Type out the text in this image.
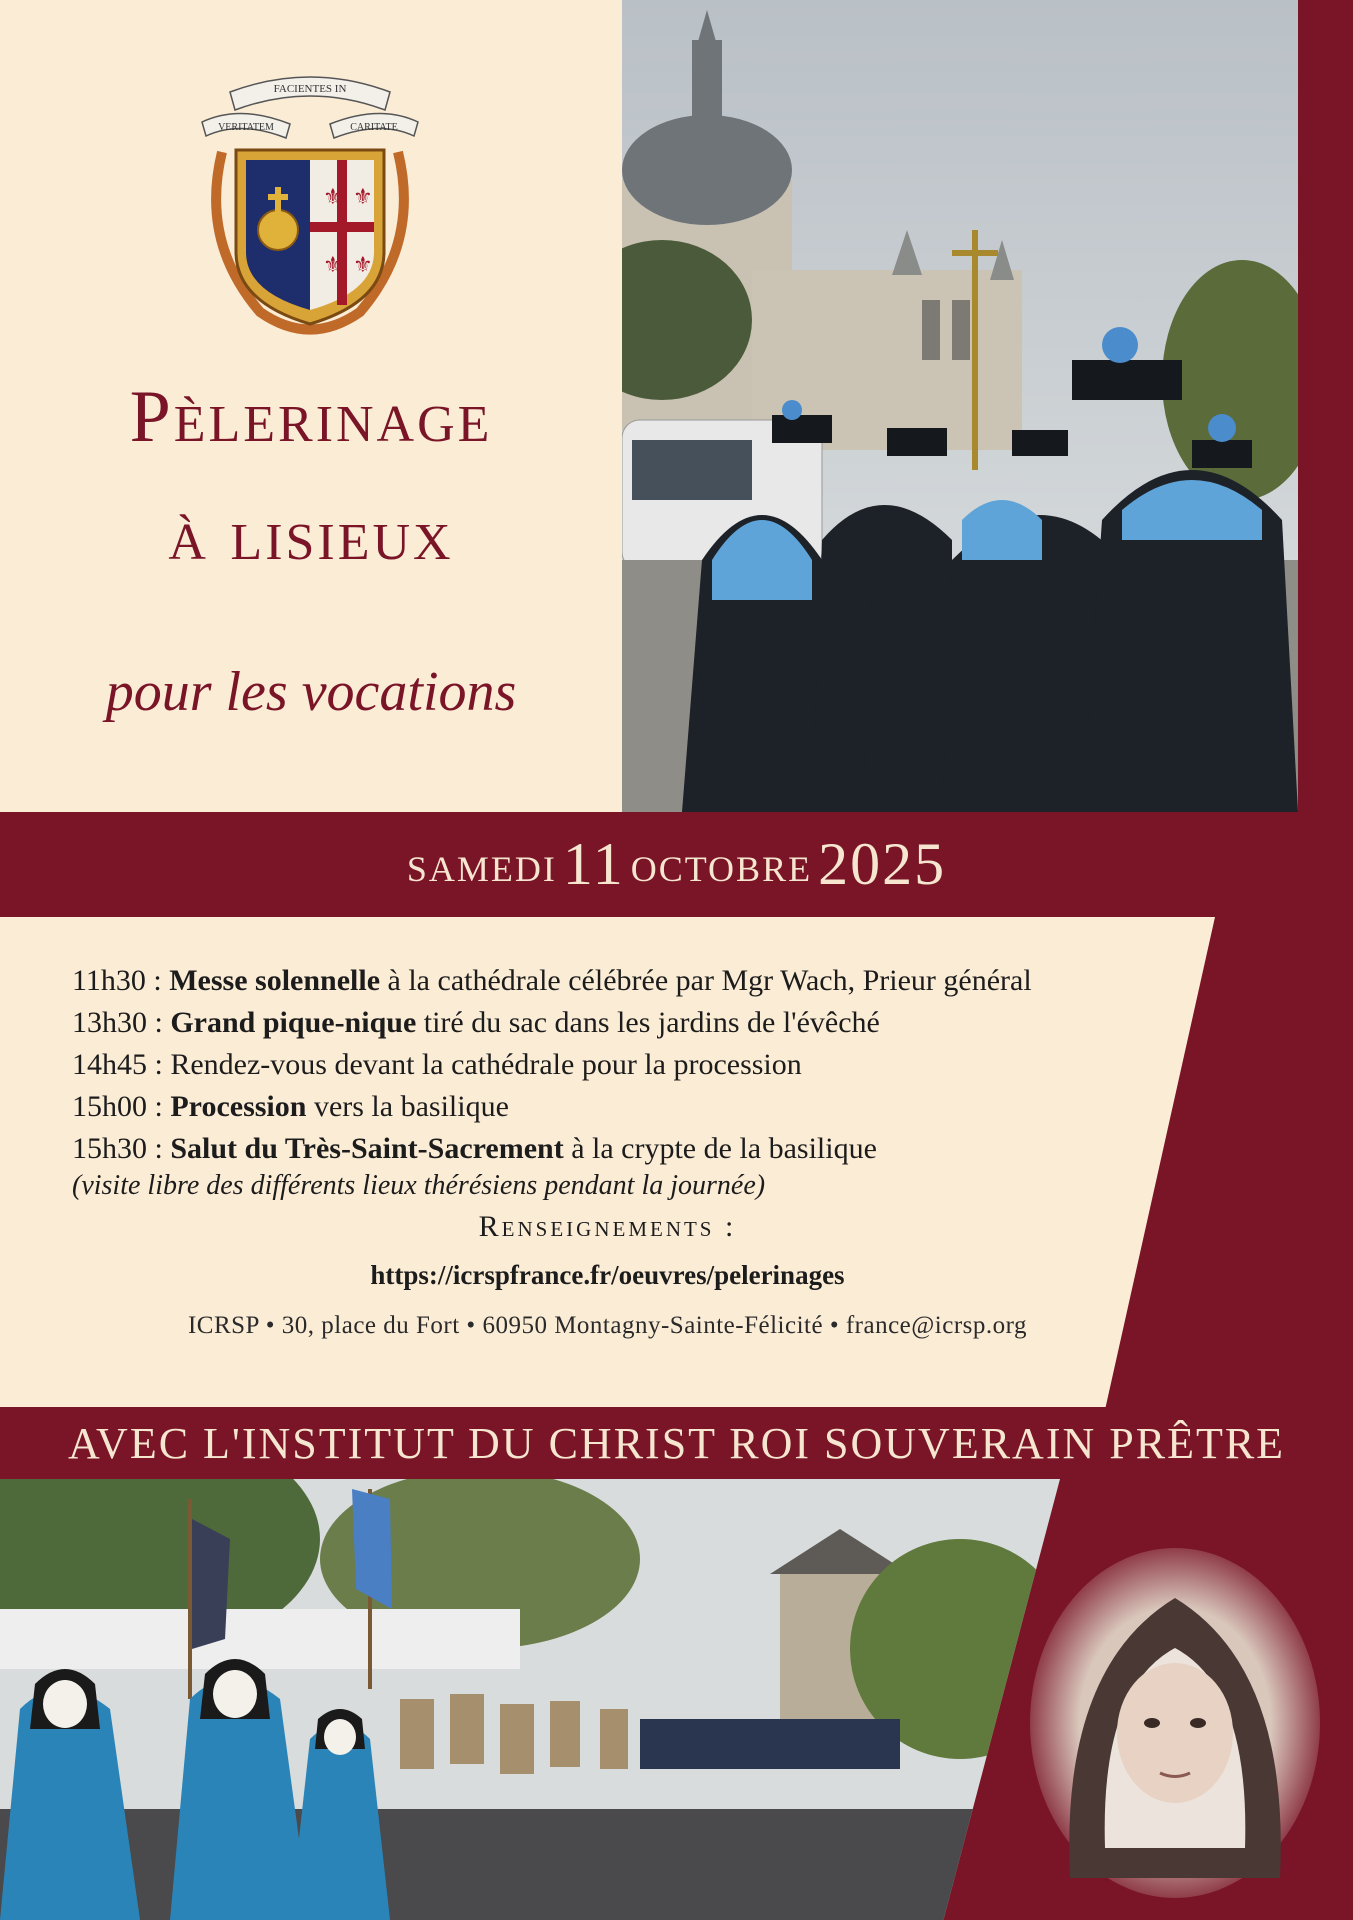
FACIENTES IN
VERITATEM	CARITATE
⚜ ⚜
⚜ ⚜
Pèlerinage
à lisieux
pour les vocations
samedi
11
octobre
2025
11h30 : Messe solennelle à la cathédrale célébrée par Mgr Wach, Prieur général
13h30 : Grand pique-nique tiré du sac dans les jardins de l'évêché
14h45 : Rendez-vous devant la cathédrale pour la procession
15h00 : Procession vers la basilique
15h30 : Salut du Très-Saint-Sacrement à la crypte de la basilique
(visite libre des différents lieux thérésiens pendant la journée)
Renseignements :
https://icrspfrance.fr/oeuvres/pelerinages
ICRSP • 30, place du Fort • 60950 Montagny-Sainte-Félicité • france@icrsp.org
AVEC L'INSTITUT DU CHRIST ROI SOUVERAIN PRÊTRE
